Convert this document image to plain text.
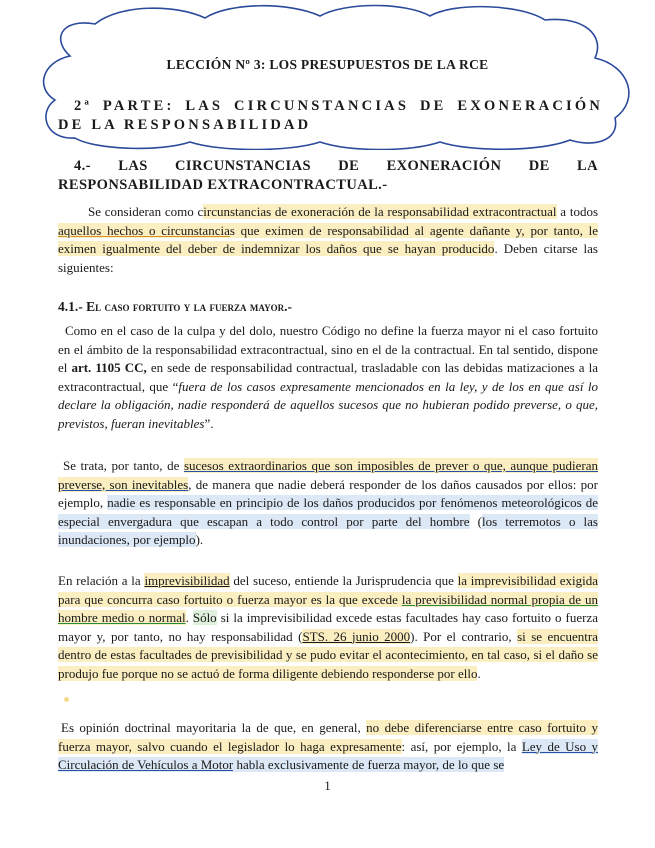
LECCIÓN Nº 3: LOS PRESUPUESTOS DE LA RCE
2ª PARTE: LAS CIRCUNSTANCIAS DE EXONERACIÓN DE LA RESPONSABILIDAD
4.- LAS CIRCUNSTANCIAS DE EXONERACIÓN DE LA RESPONSABILIDAD EXTRACONTRACTUAL.-

Se consideran como circunstancias de exoneración de la responsabilidad extracontractual a todos aquellos hechos o circunstancias que eximen de responsabilidad al agente dañante y, por tanto, le eximen igualmente del deber de indemnizar los daños que se hayan producido. Deben citarse las siguientes:

4.1.- El caso fortuito y la fuerza mayor.-

Como en el caso de la culpa y del dolo, nuestro Código no define la fuerza mayor ni el caso fortuito en el ámbito de la responsabilidad extracontractual, sino en el de la contractual. En tal sentido, dispone el art. 1105 CC, en sede de responsabilidad contractual, trasladable con las debidas matizaciones a la extracontractual, que “fuera de los casos expresamente mencionados en la ley, y de los en que así lo declare la obligación, nadie responderá de aquellos sucesos que no hubieran podido preverse, o que, previstos, fueran inevitables”.

Se trata, por tanto, de sucesos extraordinarios que son imposibles de prever o que, aunque pudieran preverse, son inevitables, de manera que nadie deberá responder de los daños causados por ellos: por ejemplo, nadie es responsable en principio de los daños producidos por fenómenos meteorológicos de especial envergadura que escapan a todo control por parte del hombre (los terremotos o las inundaciones, por ejemplo).

En relación a la imprevisibilidad del suceso, entiende la Jurisprudencia que la imprevisibilidad exigida para que concurra caso fortuito o fuerza mayor es la que excede la previsibilidad normal propia de un hombre medio o normal. Sólo si la imprevisibilidad excede estas facultades hay caso fortuito o fuerza mayor y, por tanto, no hay responsabilidad (STS. 26 junio 2000). Por el contrario, si se encuentra dentro de estas facultades de previsibilidad y se pudo evitar el acontecimiento, en tal caso, si el daño se produjo fue porque no se actuó de forma diligente debiendo responderse por ello.

Es opinión doctrinal mayoritaria la de que, en general, no debe diferenciarse entre caso fortuito y fuerza mayor, salvo cuando el legislador lo haga expresamente: así, por ejemplo, la Ley de Uso y Circulación de Vehículos a Motor habla exclusivamente de fuerza mayor, de lo que se

1
